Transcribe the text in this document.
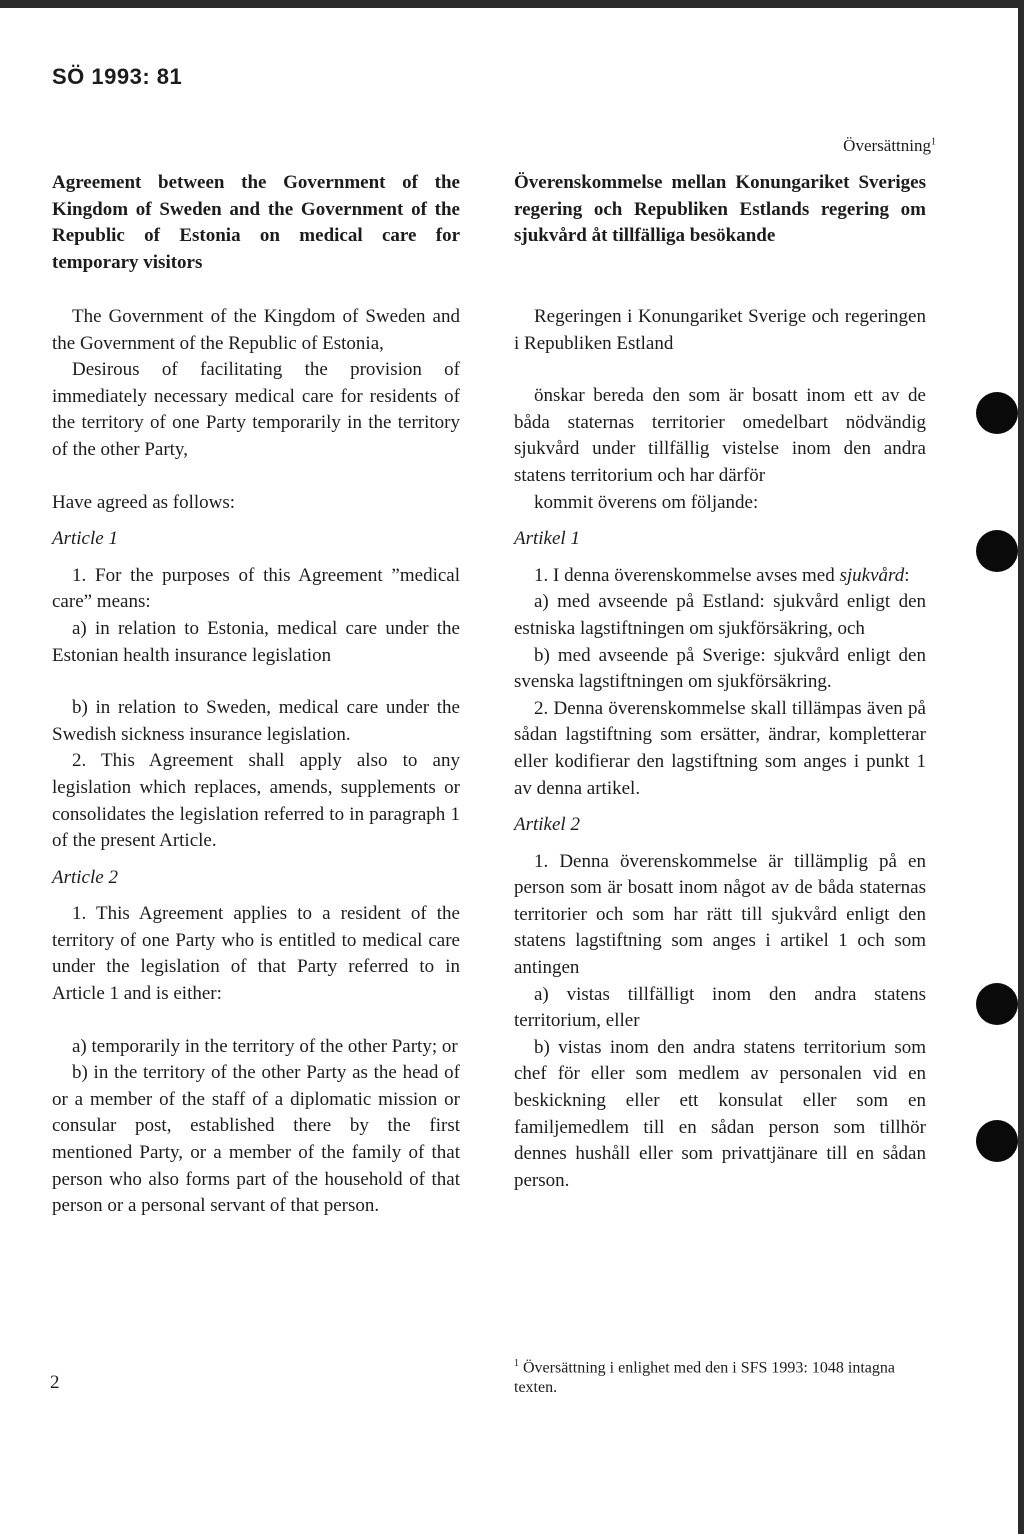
SÖ 1993: 81
Översättning$^1$
Agreement between the Government of the Kingdom of Sweden and the Government of the Republic of Estonia on medical care for temporary visitors

The Government of the Kingdom of Sweden and the Government of the Republic of Estonia,

Desirous of facilitating the provision of immediately necessary medical care for residents of the territory of one Party temporarily in the territory of the other Party,

Have agreed as follows:

Article 1

1. For the purposes of this Agreement ”medical care” means:

a) in relation to Estonia, medical care under the Estonian health insurance legislation

b) in relation to Sweden, medical care under the Swedish sickness insurance legislation.

2. This Agreement shall apply also to any legislation which replaces, amends, supplements or consolidates the legislation referred to in paragraph 1 of the present Article.

Article 2

1. This Agreement applies to a resident of the territory of one Party who is entitled to medical care under the legislation of that Party referred to in Article 1 and is either:

a) temporarily in the territory of the other Party; or

b) in the territory of the other Party as the head of or a member of the staff of a diplomatic mission or consular post, established there by the first mentioned Party, or a member of the family of that person who also forms part of the household of that person or a personal servant of that person.

Överenskommelse mellan Konungariket Sveriges regering och Republiken Estlands regering om sjukvård åt tillfälliga besökande

Regeringen i Konungariket Sverige och regeringen i Republiken Estland

önskar bereda den som är bosatt inom ett av de båda staternas territorier omedelbart nödvändig sjukvård under tillfällig vistelse inom den andra statens territorium och har därför

kommit överens om följande:

Artikel 1

1. I denna överenskommelse avses med sjukvård:

a) med avseende på Estland: sjukvård enligt den estniska lagstiftningen om sjukförsäkring, och

b) med avseende på Sverige: sjukvård enligt den svenska lagstiftningen om sjukförsäkring.

2. Denna överenskommelse skall tillämpas även på sådan lagstiftning som ersätter, ändrar, kompletterar eller kodifierar den lagstiftning som anges i punkt 1 av denna artikel.

Artikel 2

1. Denna överenskommelse är tillämplig på en person som är bosatt inom något av de båda staternas territorier och som har rätt till sjukvård enligt den statens lagstiftning som anges i artikel 1 och som antingen

a) vistas tillfälligt inom den andra statens territorium, eller

b) vistas inom den andra statens territorium som chef för eller som medlem av personalen vid en beskickning eller ett konsulat eller som en familjemedlem till en sådan person som tillhör dennes hushåll eller som privattjänare till en sådan person.

$^1$ Översättning i enlighet med den i SFS 1993: 1048 intagna texten.
2
